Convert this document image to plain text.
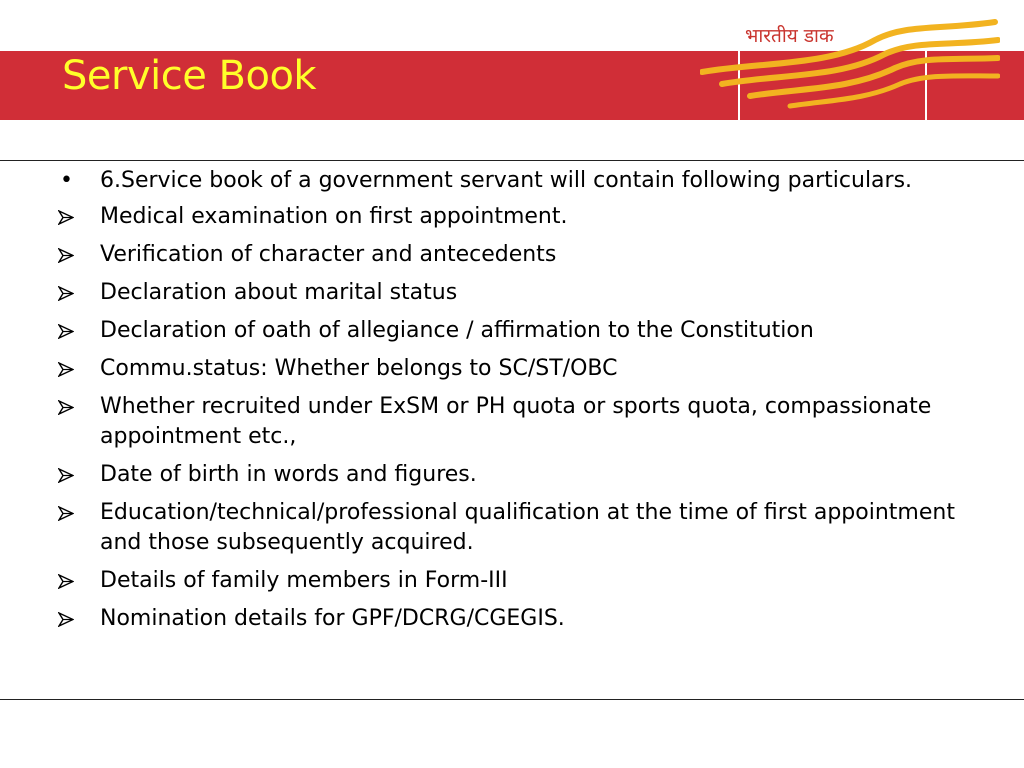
Service Book
भारतीय डाक
•	6.Service book of a government servant will contain following particulars.
Medical examination on first appointment.
Verification of character and antecedents
Declaration about marital status
Declaration of oath of allegiance / affirmation to the Constitution
Commu.status: Whether belongs to SC/ST/OBC
Whether recruited under ExSM or PH quota or sports quota, compassionate appointment etc.,
Date of birth in words and figures.
Education/technical/professional qualification at the time of first appointment and those subsequently acquired.
Details of family members in Form-III
Nomination details for GPF/DCRG/CGEGIS.
